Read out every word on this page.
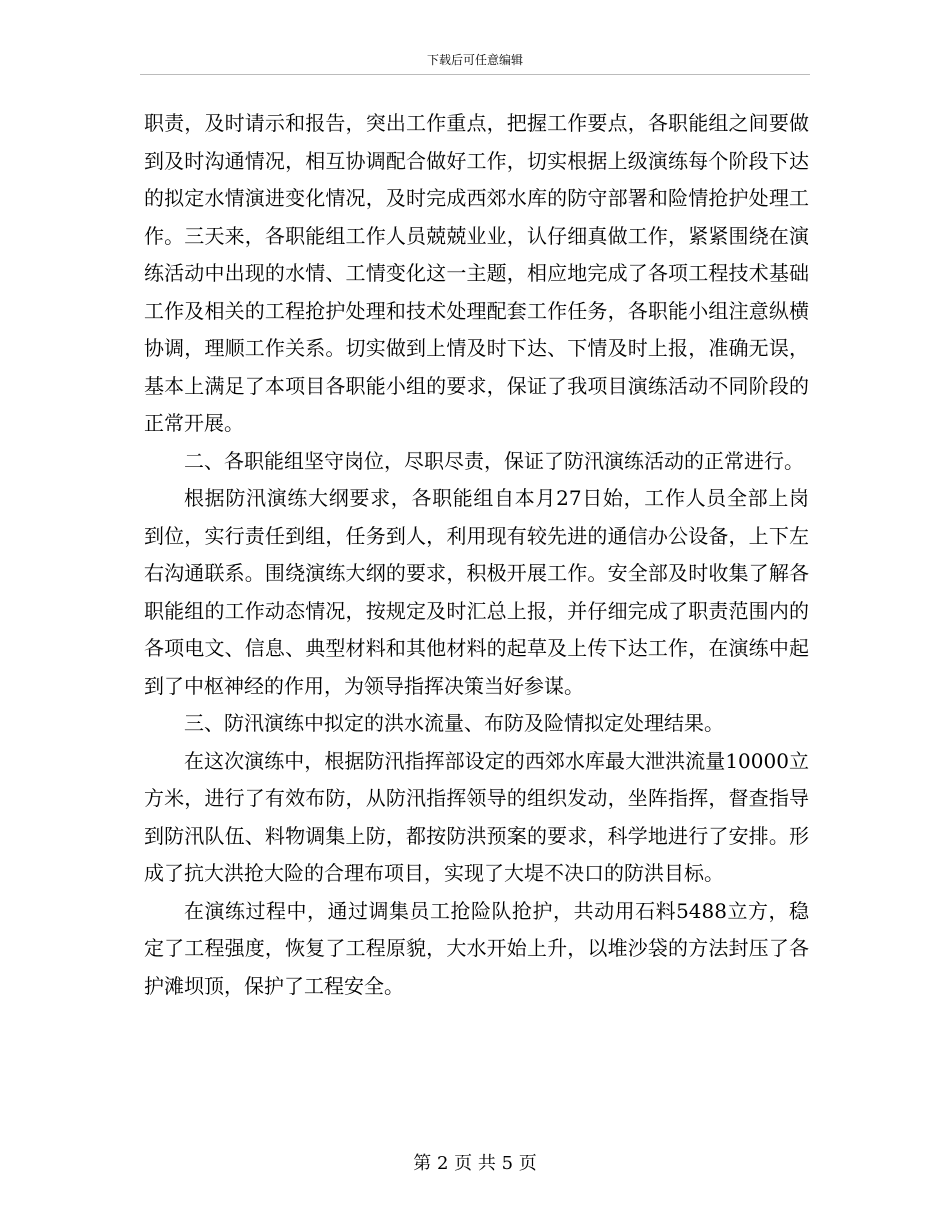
下载后可任意编辑

职责，及时请示和报告，突出工作重点，把握工作要点，各职能组之间要做到及时沟通情况，相互协调配合做好工作，切实根据上级演练每个阶段下达的拟定水情演进变化情况，及时完成西郊水库的防守部署和险情抢护处理工作。三天来，各职能组工作人员兢兢业业，认仔细真做工作，紧紧围绕在演练活动中出现的水情、工情变化这一主题，相应地完成了各项工程技术基础工作及相关的工程抢护处理和技术处理配套工作任务，各职能小组注意纵横协调，理顺工作关系。切实做到上情及时下达、下情及时上报，准确无误，基本上满足了本项目各职能小组的要求，保证了我项目演练活动不同阶段的正常开展。

二、各职能组坚守岗位，尽职尽责，保证了防汛演练活动的正常进行。

根据防汛演练大纲要求，各职能组自本月27日始，工作人员全部上岗到位，实行责任到组，任务到人，利用现有较先进的通信办公设备，上下左右沟通联系。围绕演练大纲的要求，积极开展工作。安全部及时收集了解各职能组的工作动态情况，按规定及时汇总上报，并仔细完成了职责范围内的各项电文、信息、典型材料和其他材料的起草及上传下达工作，在演练中起到了中枢神经的作用，为领导指挥决策当好参谋。

三、防汛演练中拟定的洪水流量、布防及险情拟定处理结果。

在这次演练中，根据防汛指挥部设定的西郊水库最大泄洪流量10000立方米，进行了有效布防，从防汛指挥领导的组织发动，坐阵指挥，督查指导到防汛队伍、料物调集上防，都按防洪预案的要求，科学地进行了安排。形成了抗大洪抢大险的合理布项目，实现了大堤不决口的防洪目标。

在演练过程中，通过调集员工抢险队抢护，共动用石料5488立方，稳定了工程强度，恢复了工程原貌，大水开始上升，以堆沙袋的方法封压了各护滩坝顶，保护了工程安全。

第 2 页 共 5 页
